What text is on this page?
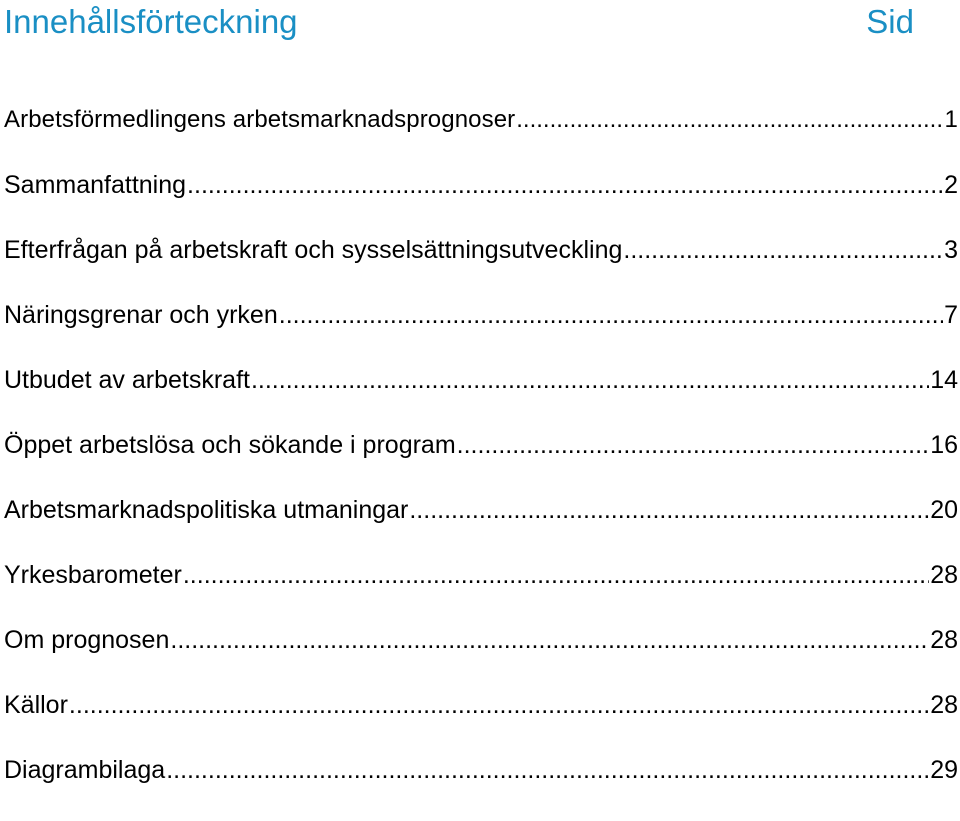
Innehållsförteckning	Sid
Arbetsförmedlingens arbetsmarknadsprognoser .....	1
Sammanfattning .....	2
Efterfrågan på arbetskraft och sysselsättningsutveckling .....	3
Näringsgrenar och yrken .....	7
Utbudet av arbetskraft .....	14
Öppet arbetslösa och sökande i program .....	16
Arbetsmarknadspolitiska utmaningar .....	20
Yrkesbarometer .....	28
Om prognosen .....	28
Källor .....	28
Diagrambilaga .....	29
